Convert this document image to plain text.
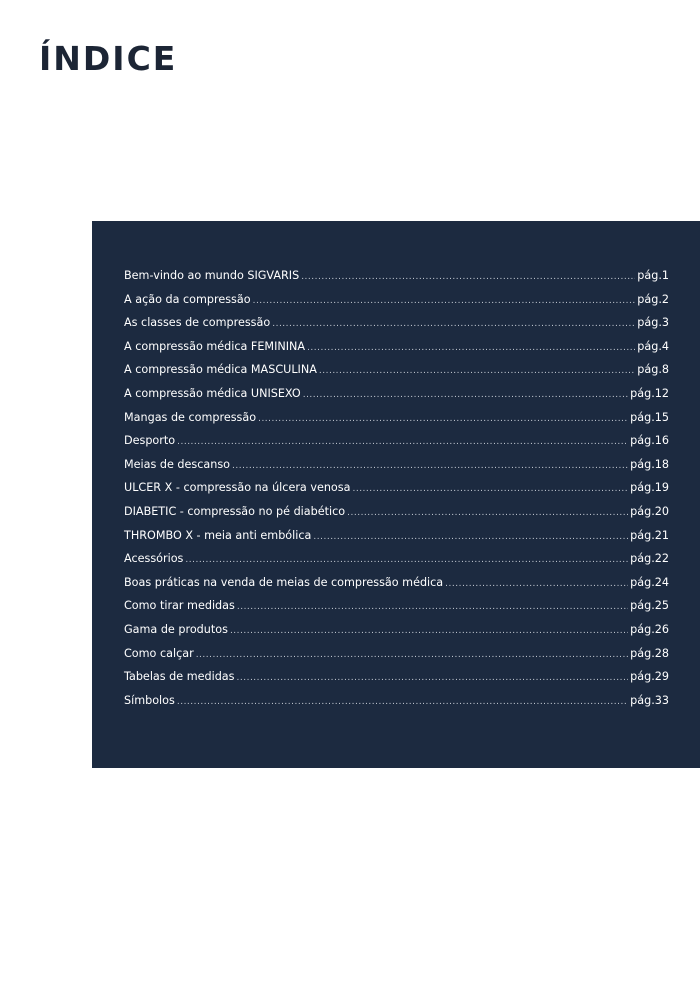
ÍNDICE
Bem-vindo ao mundo SIGVARIS .....	pág.1
A ação da compressão .....	pág.2
As classes de compressão .....	pág.3
A compressão médica FEMININA .....	pág.4
A compressão médica MASCULINA .....	pág.8
A compressão médica UNISEXO .....	pág.12
Mangas de compressão .....	pág.15
Desporto .....	pág.16
Meias de descanso .....	pág.18
ULCER X - compressão na úlcera venosa .....	pág.19
DIABETIC - compressão no pé diabético .....	pág.20
THROMBO X - meia anti embólica .....	pág.21
Acessórios .....	pág.22
Boas práticas na venda de meias de compressão médica .....	pág.24
Como tirar medidas .....	pág.25
Gama de produtos .....	pág.26
Como calçar .....	pág.28
Tabelas de medidas .....	pág.29
Símbolos .....	pág.33
